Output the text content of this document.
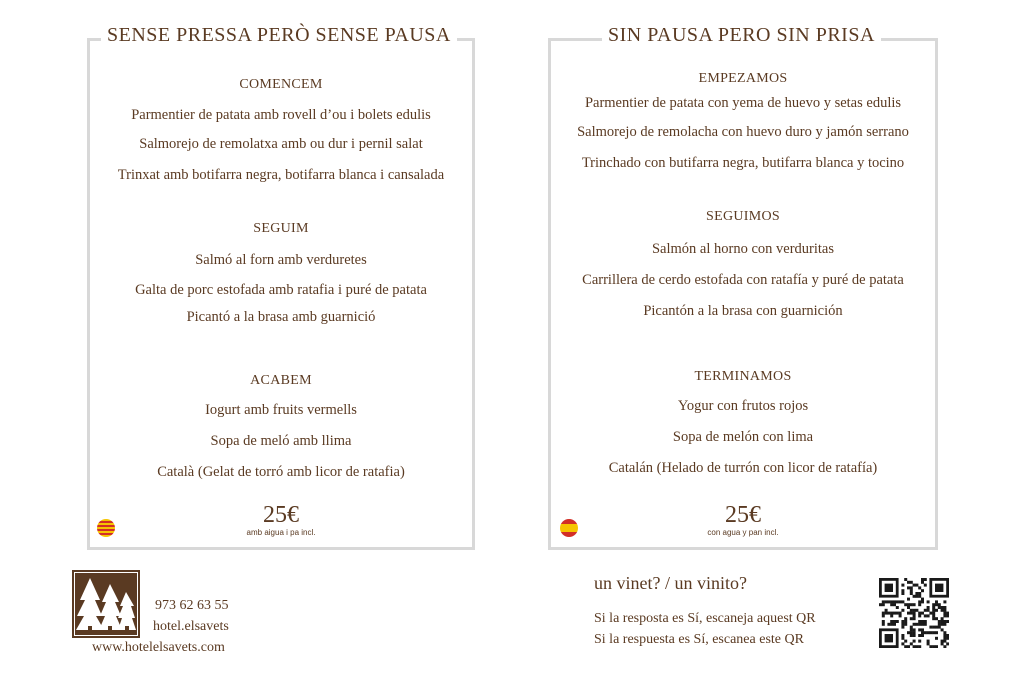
SENSE PRESSA PERÒ SENSE PAUSA
COMENCEM
Parmentier de patata amb rovell d’ou i bolets edulis
Salmorejo de remolatxa amb ou dur i pernil salat
Trinxat amb botifarra negra, botifarra blanca i cansalada
SEGUIM
Salmó al forn amb verduretes
Galta de porc estofada amb ratafia i puré de patata
Picantó a la brasa amb guarnició
ACABEM
Iogurt amb fruits vermells
Sopa de meló amb llima
Català (Gelat de torró amb licor de ratafia)
25€
amb aigua i pa incl.
SIN PAUSA PERO SIN PRISA
EMPEZAMOS
Parmentier de patata con yema de huevo y setas edulis
Salmorejo de remolacha con huevo duro y jamón serrano
Trinchado con butifarra negra, butifarra blanca y tocino
SEGUIMOS
Salmón al horno con verduritas
Carrillera de cerdo estofada con ratafía y puré de patata
Picantón a la brasa con guarnición
TERMINAMOS
Yogur con frutos rojos
Sopa de melón con lima
Catalán (Helado de turrón con licor de ratafía)
25€
con agua y pan incl.
973 62 63 55
hotel.elsavets
www.hotelelsavets.com
un vinet? / un vinito?
Si la resposta es Sí, escaneja aquest QR
Si la respuesta es Sí, escanea este QR
